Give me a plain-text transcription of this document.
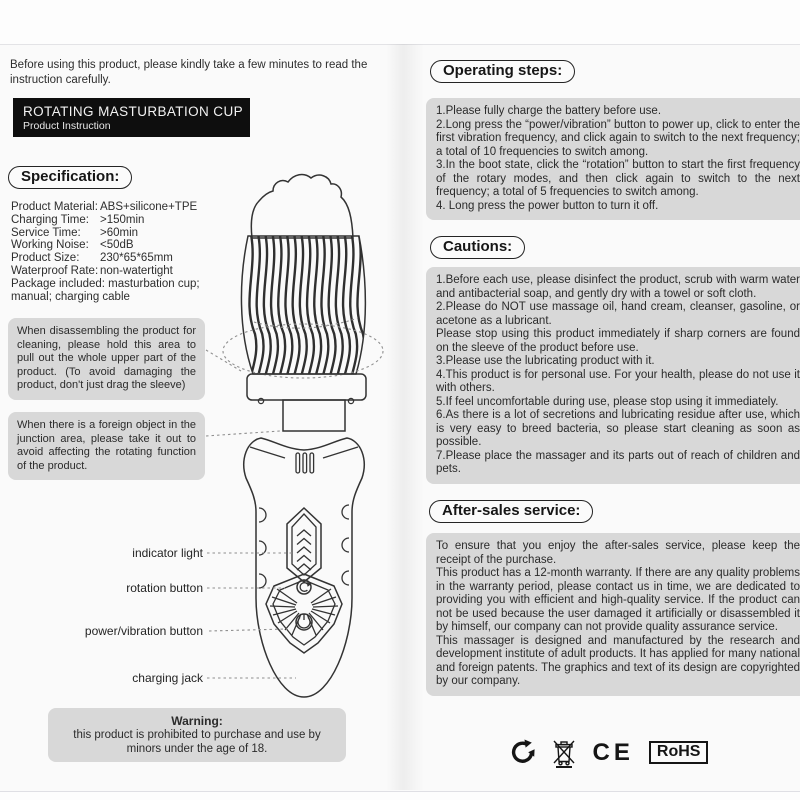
Before using this product, please kindly take a few minutes to read the instruction carefully.
ROTATING MASTURBATION CUP
Product Instruction
Specification:
Product Material: ABS+silicone+TPE
Charging Time: >150min
Service Time:	>60min
Working Noise: <50dB
Product Size:	230*65*65mm
Waterproof Rate: non-watertight
Package included: masturbation cup;
manual; charging cable

When disassembling the product for cleaning, please hold this area to pull out the whole upper part of the product. (To avoid damaging the product, don't just drag the sleeve)

When there is a foreign object in the junction area, please take it out to avoid affecting the rotating function of the product.

indicator light
rotation button
power/vibration button
charging jack
Warning:
this product is prohibited to purchase and use by minors under the age of 18.
Operating steps:

1.Please fully charge the battery before use.

2.Long press the “power/vibration” button to power up, click to enter the first vibration frequency, and click again to switch to the next frequency; a total of 10 frequencies to switch among.

3.In the boot state, click the “rotation” button to start the first frequency of the rotary modes, and then click again to switch to the next frequency; a total of 5 frequencies to switch among.

4. Long press the power button to turn it off.

Cautions:

1.Before each use, please disinfect the product, scrub with warm water and antibacterial soap, and gently dry with a towel or soft cloth.

2.Please do NOT use massage oil, hand cream, cleanser, gasoline, or acetone as a lubricant.

Please stop using this product immediately if sharp corners are found on the sleeve of the product before use.

3.Please use the lubricating product with it.

4.This product is for personal use. For your health, please do not use it with others.

5.If feel uncomfortable during use, please stop using it immediately.

6.As there is a lot of secretions and lubricating residue after use, which is very easy to breed bacteria, so please start cleaning as soon as possible.

7.Please place the massager and its parts out of reach of children and pets.

After-sales service:

To ensure that you enjoy the after-sales service, please keep the receipt of the purchase.

This product has a 12-month warranty. If there are any quality problems in the warranty period, please contact us in time, we are dedicated to providing you with efficient and high-quality service. If the product can not be used because the user damaged it artificially or disassembled it by himself, our company can not provide quality assurance service.

This massager is designed and manufactured by the research and development institute of adult products. It has applied for many national and foreign patents. The graphics and text of its design are copyrighted by our company.

CE	RoHS
